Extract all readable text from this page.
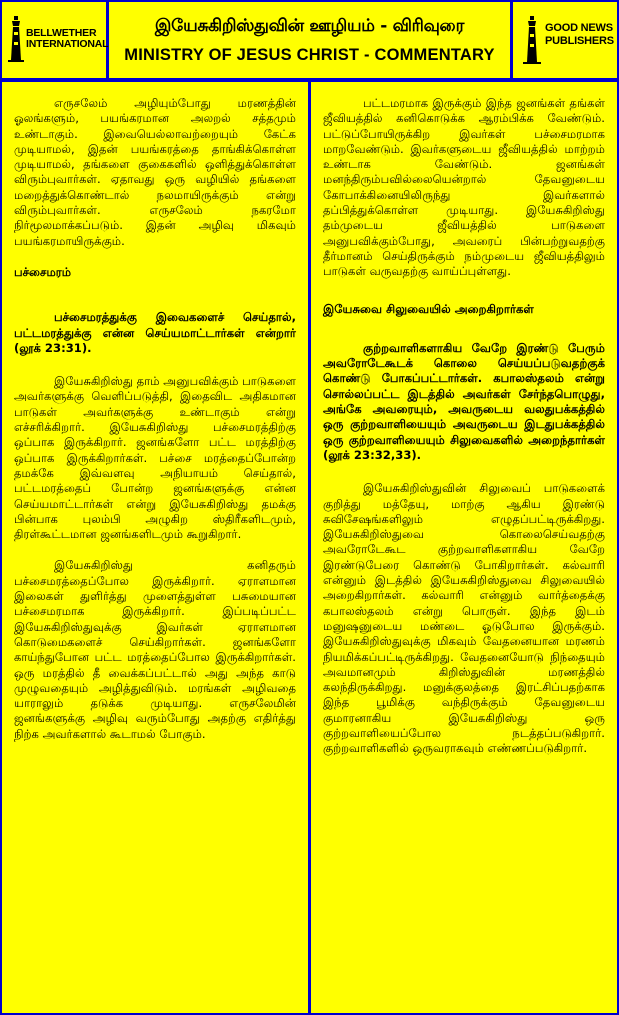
BELLWETHER
INTERNATIONAL
இயேசுகிறிஸ்துவின் ஊழியம் - விரிவுரை
MINISTRY OF JESUS CHRIST - COMMENTARY
GOOD NEWS
PUBLISHERS

எருசலேம் அழியும்போது மரணத்தின் ஓலங்களும், பயங்கரமான அலறல் சத்தமும் உண்டாகும். இவையெல்லாவற்றையும் கேட்க முடியாமல், இதன் பயங்கரத்தை தாங்கிக்கொள்ள முடியாமல், தங்களை குகைகளில் ஒளித்துக்கொள்ள விரும்புவார்கள். ஏதாவது ஒரு வழியில் தங்களை மறைத்துக்கொண்டால் நலமாயிருக்கும் என்று விரும்புவார்கள். எருசலேம் நகரமோ நிர்மூலமாக்கப்படும். இதன் அழிவு மிகவும் பயங்கரமாயிருக்கும்.

பச்சைமரம்
பச்சைமரத்துக்கு இவைகளைச் செய்தால், பட்டமரத்துக்கு என்ன செய்யமாட்டார்கள் என்றார் (லூக் 23:31).

இயேசுகிறிஸ்து தாம் அனுபவிக்கும் பாடுகளை அவர்களுக்கு வெளிப்படுத்தி, இதைவிட அதிகமான பாடுகள் அவர்களுக்கு உண்டாகும் என்று எச்சரிக்கிறார். இயேசுகிறிஸ்து பச்சைமரத்திற்கு ஒப்பாக இருக்கிறார். ஜனங்களோ பட்ட மரத்திற்கு ஒப்பாக இருக்கிறார்கள். பச்சை மரத்தைப்போன்ற தமக்கே இவ்வளவு அநியாயம் செய்தால், பட்டமரத்தைப் போன்ற ஜனங்களுக்கு என்ன செய்யமாட்டார்கள் என்று இயேசுகிறிஸ்து தமக்கு பின்பாக புலம்பி அழுகிற ஸ்திரீகளிடமும், திரள்கூட்டமான ஜனங்களிடமும் கூறுகிறார்.

இயேசுகிறிஸ்து கனிதரும் பச்சைமரத்தைப்போல இருக்கிறார். ஏராளமான இலைகள் துளிர்த்து முளைத்துள்ள பசுமையான பச்சைமரமாக இருக்கிறார். இப்படிப்பட்ட இயேசுகிறிஸ்துவுக்கு இவர்கள் ஏராளமான கொடுமைகளைச் செய்கிறார்கள். ஜனங்களோ காய்ந்துபோன பட்ட மரத்தைப்போல இருக்கிறார்கள். ஒரு மரத்தில் தீ வைக்கப்பட்டால் அது அந்த காடு முழுவதையும் அழித்துவிடும். மரங்கள் அழிவதை யாராலும் தடுக்க முடியாது. எருசலேமின் ஜனங்களுக்கு அழிவு வரும்போது அதற்கு எதிர்த்து நிற்க அவர்களால் கூடாமல் போகும்.

பட்டமரமாக இருக்கும் இந்த ஜனங்கள் தங்கள் ஜீவியத்தில் கனிகொடுக்க ஆரம்பிக்க வேண்டும். பட்டுப்போயிருக்கிற இவர்கள் பச்சைமரமாக மாறவேண்டும். இவர்களுடைய ஜீவியத்தில் மாற்றம் உண்டாக வேண்டும். ஜனங்கள் மனந்திரும்பவில்லையென்றால் தேவனுடைய கோபாக்கினையிலிருந்து இவர்களால் தப்பித்துக்கொள்ள முடியாது. இயேசுகிறிஸ்து தம்முடைய ஜீவியத்தில் பாடுகளை அனுபவிக்கும்போது, அவரைப் பின்பற்றுவதற்கு தீர்மானம் செய்திருக்கும் நம்முடைய ஜீவியத்திலும் பாடுகள் வருவதற்கு வாய்ப்புள்ளது.

இயேசுவை சிலுவையில் அறைகிறார்கள்
குற்றவாளிகளாகிய வேறே இரண்டு பேரும் அவரோடேகூடக் கொலை செய்யப்படுவதற்குக் கொண்டு போகப்பட்டார்கள். கபாலஸ்தலம் என்று சொல்லப்பட்ட இடத்தில் அவர்கள் சேர்ந்தபொழுது, அங்கே அவரையும், அவருடைய வலதுபக்கத்தில் ஒரு குற்றவாளியையும் அவருடைய இடதுபக்கத்தில் ஒரு குற்றவாளியையும் சிலுவைகளில் அறைந்தார்கள் (லூக் 23:32,33).

இயேசுகிறிஸ்துவின் சிலுவைப் பாடுகளைக் குறித்து மத்தேயு, மாற்கு ஆகிய இரண்டு சுவிசேஷங்களிலும் எழுதப்பட்டிருக்கிறது. இயேசுகிறிஸ்துவை கொலைசெய்வதற்கு அவரோடேகூட குற்றவாளிகளாகிய வேறே இரண்டுபேரை கொண்டு போகிறார்கள். கல்வாரி என்னும் இடத்தில் இயேசுகிறிஸ்துவை சிலுவையில் அறைகிறார்கள். கல்வாரி என்னும் வார்த்தைக்கு கபாலஸ்தலம் என்று பொருள். இந்த இடம் மனுஷனுடைய மண்டை ஓடுபோல இருக்கும். இயேசுகிறிஸ்துவுக்கு மிகவும் வேதனையான மரணம் நியமிக்கப்பட்டிருக்கிறது. வேதனையோடு நிந்தையும் அவமானமும் கிறிஸ்துவின் மரணத்தில் கலந்திருக்கிறது. மனுக்குலத்தை இரட்சிப்பதற்காக இந்த பூமிக்கு வந்திருக்கும் தேவனுடைய குமாரனாகிய இயேசுகிறிஸ்து ஒரு குற்றவாளியைப்போல நடத்தப்படுகிறார். குற்றவாளிகளில் ஒருவராகவும் எண்ணப்படுகிறார்.
